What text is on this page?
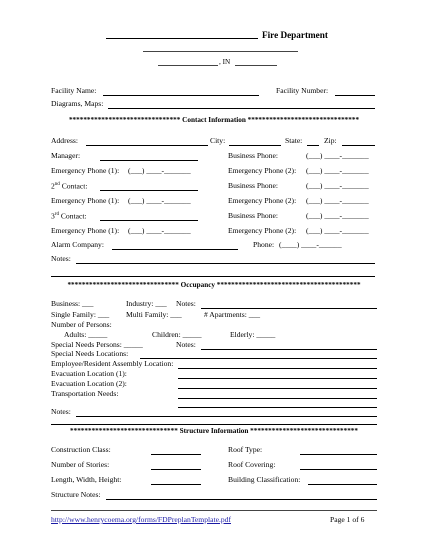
Fire Department
, IN
Facility Name:	Facility Number:
Diagrams, Maps:
******************************* Contact Information *******************************
Address:	City:	State:	Zip:
Manager:	Business Phone:	(___) ____-_______
Emergency Phone (1): (___) ____-_______	Emergency Phone (2): (___) ____-_______
2nd Contact:	Business Phone:	(___) ____-_______
Emergency Phone (1): (___) ____-_______	Emergency Phone (2): (___) ____-_______
3rd Contact:	Business Phone:	(___) ____-_______
Emergency Phone (1): (___) ____-_______	Emergency Phone (2): (___) ____-_______
Alarm Company:	Phone: (____) ____-______
Notes:
******************************* Occupancy ****************************************
Business: ___	Industry: ___ Notes:
Single Family: ___ Multi Family: ___	# Apartments: ___
Number of Persons:
Adults: _____	Children: _____	Elderly: _____
Special Needs Persons: _____	Notes:
Special Needs Locations:
Employee/Resident Assembly Location:
Evacuation Location (1):
Evacuation Location (2):
Transportation Needs:
Notes:
****************************** Structure Information ******************************
Construction Class:	Roof Type:
Number of Stories:	Roof Covering:
Length, Width, Height:	Building Classification:
Structure Notes:
http://www.henrycoema.org/forms/FDPreplanTemplate.pdf	Page 1 of 6
